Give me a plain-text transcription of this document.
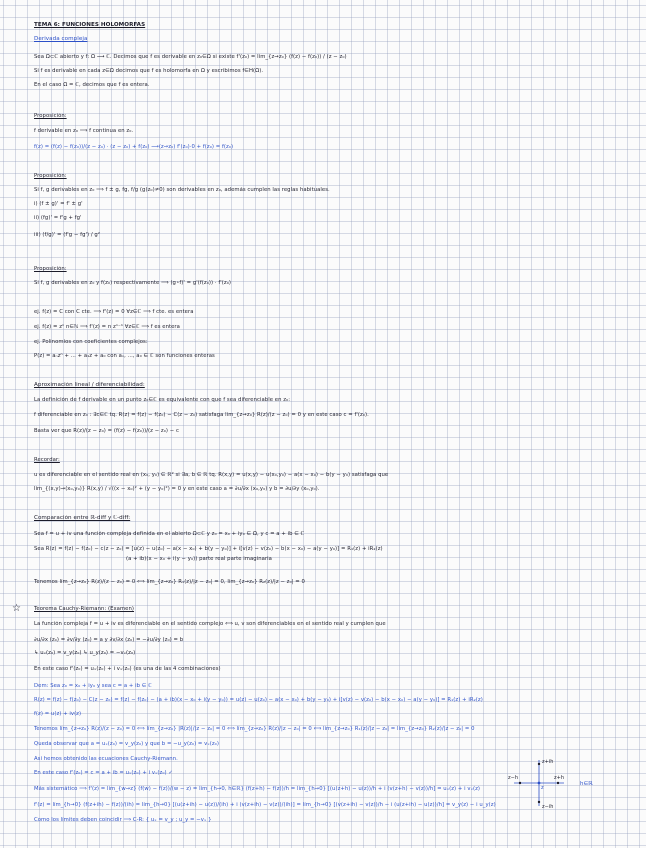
TEMA 6: FUNCIONES HOLOMORFAS
Derivada compleja
Sea Ω⊂ℂ abierto y f: Ω ⟶ ℂ. Decimos que f es derivable en z₀∈Ω si existe f'(z₀) = lím_{z→z₀} (f(z) − f(z₀)) / (z − z₀)
Si f es derivable en cada z∈Ω decimos que f es holomorfa en Ω y escribimos f∈H(Ω).
En el caso Ω = ℂ, decimos que f es entera.
Proposición:
f derivable en z₀ ⟹ f continua en z₀.
f(z) = (f(z) − f(z₀))/(z − z₀) · (z − z₀) + f(z₀) ⟶(z→z₀) f'(z₀)·0 + f(z₀) = f(z₀)
Proposición:
Si f, g derivables en z₀ ⟹ f ± g, fg, f/g (g(z₀)≠0) son derivables en z₀, además cumplen las reglas habituales.
i) (f ± g)' = f' ± g'
ii) (fg)' = f'g + fg'
iii) (f/g)' = (f'g − fg') / g²
Proposición:
Si f, g derivables en z₀ y f(z₀) respectivamente ⟹ (g∘f)' = g'(f(z₀)) · f'(z₀)
ej. f(z) = C con C cte. ⟹ f'(z) = 0 ∀z∈ℂ ⟹ f cte. es entera
ej. f(z) = zⁿ n∈ℕ ⟹ f'(z) = n zⁿ⁻¹ ∀z∈ℂ ⟹ f es entera
ej. Polinomios con coeficientes complejos:
P(z) = aₙzⁿ + ... + a₁z + a₀ con aₙ, ..., a₀ ∈ ℂ son funciones enteras
Aproximación lineal / diferenciabilidad:
La definición de f derivable en un punto z₀∈ℂ es equivalente con que f sea diferenciable en z₀:
f diferenciable en z₀ : ∃c∈ℂ tq. R(z) = f(z) − f(z₀) − C(z − z₀) satisfaga lím_{z→z₀} R(z)/(z − z₀) = 0 y en este caso c = f'(z₀).
Basta ver que R(z)/(z − z₀) = (f(z) − f(z₀))/(z − z₀) − c
Recordar:
u es diferenciable en el sentido real en (x₀, y₀) ∈ ℝ² si ∃a, b ∈ ℝ tq. R(x,y) = u(x,y) − u(x₀,y₀) − a(x − x₀) − b(y − y₀) satisfaga que
lím_{(x,y)→(x₀,y₀)} R(x,y) / √((x − x₀)² + (y − y₀)²) = 0 y en este caso a = ∂u/∂x (x₀,y₀) y b = ∂u/∂y (x₀,y₀).
Comparación entre ℝ-diff y ℂ-diff:
Sea f = u + iv una función compleja definida en el abierto Ω⊂ℂ y z₀ = x₀ + iy₀ ∈ Ω, y c = a + ib ∈ ℂ
Sea R(z) = f(z) − f(z₀) − c(z − z₀) = [u(z) − u(z₀) − a(x − x₀) + b(y − y₀)] + i[v(z) − v(z₀) − b(x − x₀) − a(y − y₀)] = R₁(z) + iR₂(z)
(a + ib)(x − x₀ + i(y − y₀)) parte real parte imaginaria
Tenemos lím_{z→z₀} R(z)/(z − z₀) = 0 ⟺ lím_{z→z₀} R₁(z)/|z − z₀| = 0, lím_{z→z₀} R₂(z)/|z − z₀| = 0
☆ Teorema Cauchy-Riemann: (Examen)
La función compleja f = u + iv es diferenciable en el sentido complejo ⟺ u, v son diferenciables en el sentido real y cumplen que
∂u/∂x (z₀) = ∂v/∂y (z₀) = a y ∂v/∂x (z₀) = −∂u/∂y (z₀) = b
↳ uₓ(z₀) = v_y(z₀) ↳ u_y(z₀) = −vₓ(z₀)
En este caso f'(z₀) = uₓ(z₀) + i vₓ(z₀) (es una de las 4 combinaciones)
Dem: Sea z₀ = x₀ + iy₀ y sea c = a + ib ∈ ℂ
R(z) = f(z) − f(z₀) − C(z − z₀) = f(z) − f(z₀) − (a + ib)(x − x₀ + i(y − y₀)) = u(z) − u(z₀) − a(x − x₀) + b(y − y₀) + i[v(z) − v(z₀) − b(x − x₀) − a(y − y₀)] = R₁(z) + iR₂(z)
f(z) = u(z) + iv(z)
Tenemos lím_{z→z₀} R(z)/(z − z₀) = 0 ⟺ lím_{z→z₀} |R(z)|/|z − z₀| = 0 ⟺ lím_{z→z₀} R(z)/|z − z₀| = 0 ⟺ lím_{z→z₀} R₁(z)/|z − z₀| = lím_{z→z₀} R₂(z)/|z − z₀| = 0
Queda observar que a = uₓ(z₀) = v_y(z₀) y que b = −u_y(z₀) = vₓ(z₀)
Así hemos obtenido las ecuaciones Cauchy-Riemann.
En este caso f'(z₀) = c = a + ib = uₓ(z₀) + i vₓ(z₀) ✓
Más sistemático ⟹ f'(z) = lím_{w→z} (f(w) − f(z))/(w − z) = lím_{h→0, h∈ℝ} (f(z+h) − f(z))/h = lím_{h→0} [(u(z+h) − u(z))/h + i (v(z+h) − v(z))/h] = uₓ(z) + i vₓ(z)
f'(z) = lím_{h→0} (f(z+ih) − f(z))/(ih) = lím_{h→0} [(u(z+ih) − u(z))/(ih) + i (v(z+ih) − v(z))/(ih)] = lím_{h→0} [(v(z+ih) − v(z))/h − i (u(z+ih) − u(z))/h] = v_y(z) − i u_y(z)
Como los límites deben coincidir ⟹ C-R: { uₓ = v_y ; u_y = −vₓ }
z−h	z+h
z+ih
z−ih
z
h∈ℝ
